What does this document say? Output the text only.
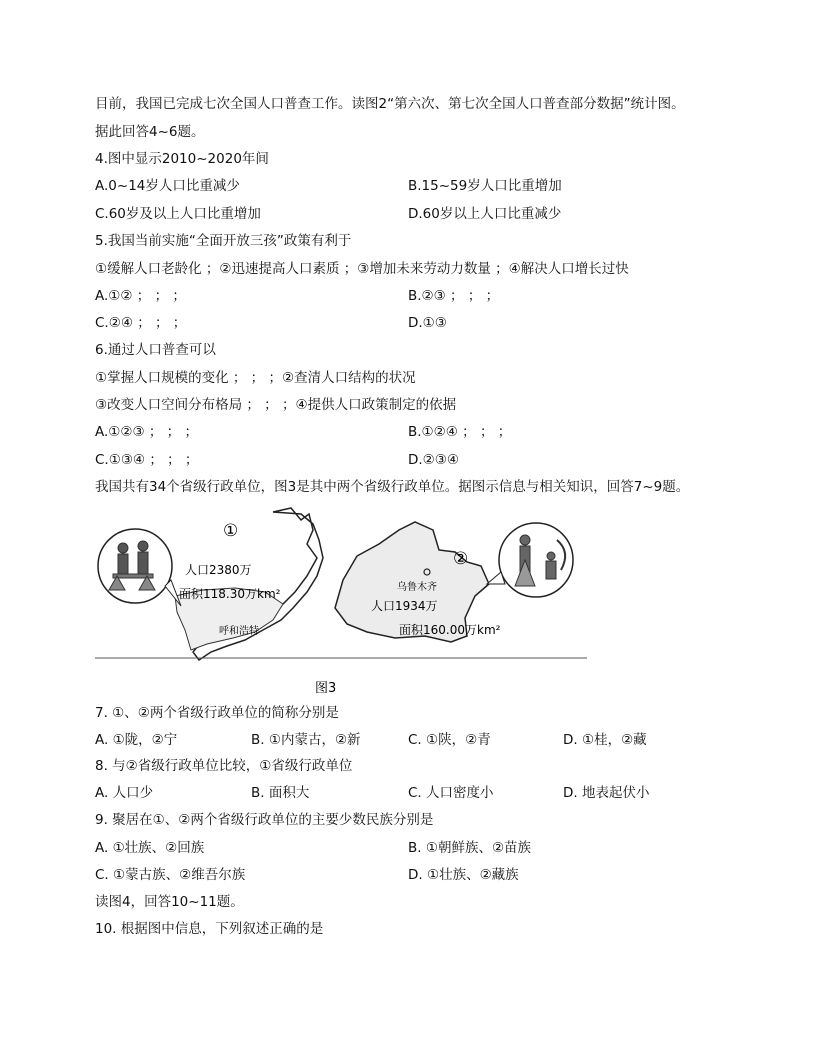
目前，我国已完成七次全国人口普查工作。读图2“第六次、第七次全国人口普查部分数据”统计图。
据此回答4~6题。
4.图中显示2010~2020年间
A.0~14岁人口比重减少	B.15~59岁人口比重增加
C.60岁及以上人口比重增加	D.60岁以上人口比重减少
5.我国当前实施“全面开放三孩”政策有利于
①缓解人口老龄化 ；②迅速提高人口素质 ；③增加未来劳动力数量 ；④解决人口增长过快
A.①② ； ； ；	B.②③ ； ； ；
C.②④ ； ； ；	D.①③
6.通过人口普查可以
①掌握人口规模的变化 ； ； ；②查清人口结构的状况
③改变人口空间分布格局 ； ； ；④提供人口政策制定的依据
A.①②③ ； ； ；	B.①②④ ； ； ；
C.①③④ ； ； ；	D.②③④
我国共有34个省级行政单位，图3是其中两个省级行政单位。据图示信息与相关知识，回答7~9题。
①
②
人口2380万
面积118.30万km²
呼和浩特
乌鲁木齐
人口1934万
面积160.00万km²
图3
7. ①、②两个省级行政单位的简称分别是
A. ①陇，②宁	B. ①内蒙古，②新	C. ①陕，②青	D. ①桂，②藏
8. 与②省级行政单位比较，①省级行政单位
A. 人口少	B. 面积大	C. 人口密度小	D. 地表起伏小
9. 聚居在①、②两个省级行政单位的主要少数民族分别是
A. ①壮族、②回族	B. ①朝鲜族、②苗族
C. ①蒙古族、②维吾尔族	D. ①壮族、②藏族
读图4，回答10~11题。
10. 根据图中信息，下列叙述正确的是
